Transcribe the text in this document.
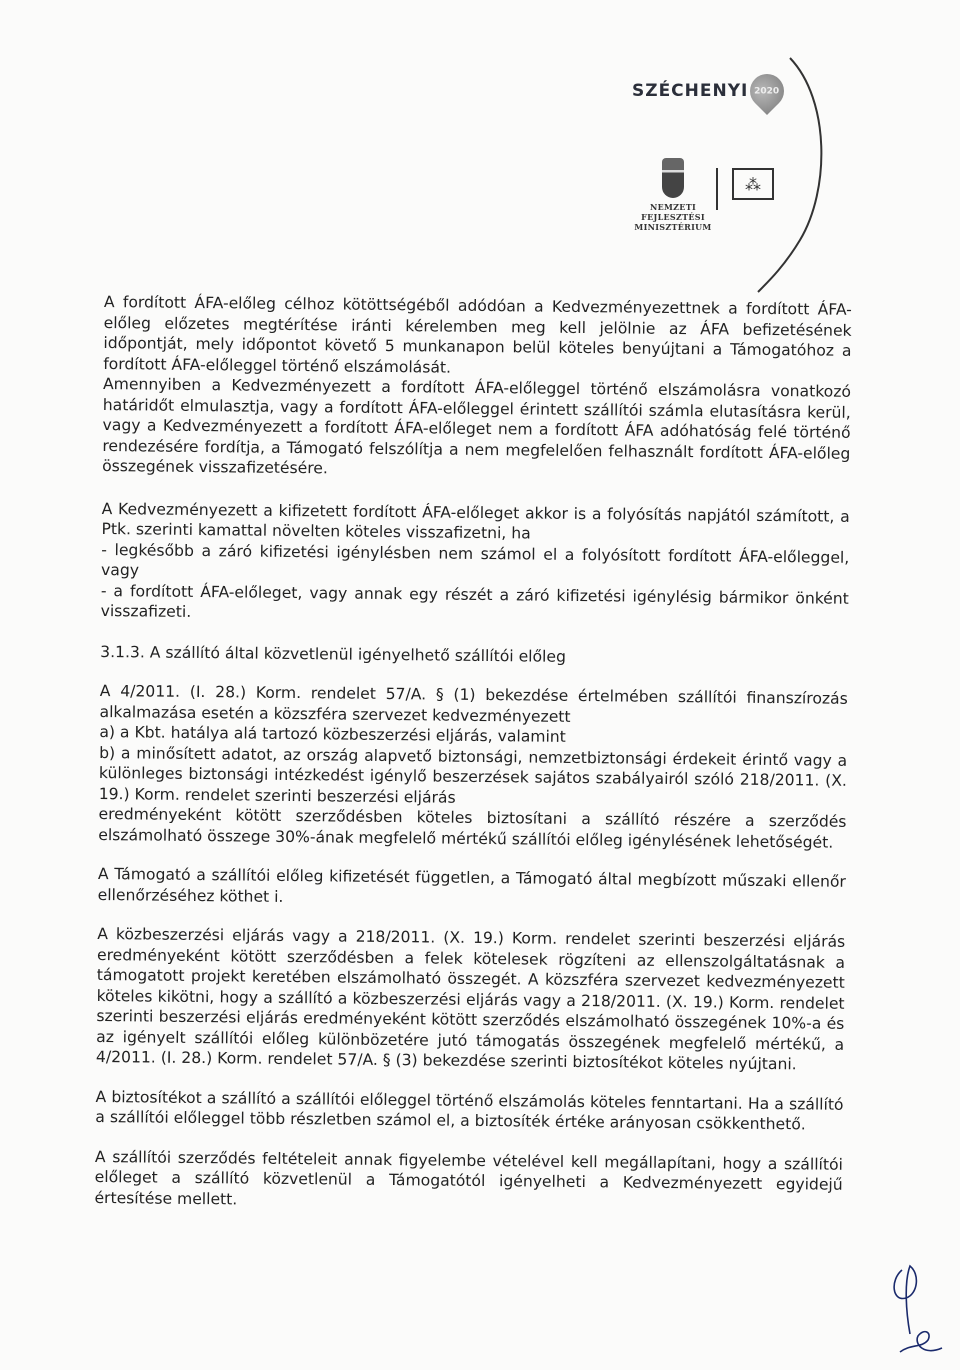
SZÉCHENYI 2020
NEMZETI FEJLESZTÉSI
MINISZTÉRIUM
⁂

A fordított ÁFA-előleg célhoz kötöttségéből adódóan a Kedvezményezettnek a fordított ÁFA-előleg előzetes megtérítése iránti kérelemben meg kell jelölnie az ÁFA befizetésének időpontját, mely időpontot követő 5 munkanapon belül köteles benyújtani a Támogatóhoz a fordított ÁFA-előleggel történő elszámolását.

Amennyiben a Kedvezményezett a fordított ÁFA-előleggel történő elszámolásra vonatkozó határidőt elmulasztja, vagy a fordított ÁFA-előleggel érintett szállítói számla elutasításra kerül, vagy a Kedvezményezett a fordított ÁFA-előleget nem a fordított ÁFA adóhatóság felé történő rendezésére fordítja, a Támogató felszólítja a nem megfelelően felhasznált fordított ÁFA-előleg összegének visszafizetésére.

A Kedvezményezett a kifizetett fordított ÁFA-előleget akkor is a folyósítás napjától számított, a Ptk. szerinti kamattal növelten köteles visszafizetni, ha

- legkésőbb a záró kifizetési igénylésben nem számol el a folyósított fordított ÁFA-előleggel, vagy

- a fordított ÁFA-előleget, vagy annak egy részét a záró kifizetési igénylésig bármikor önként visszafizeti.

3.1.3. A szállító által közvetlenül igényelhető szállítói előleg

A 4/2011. (I. 28.) Korm. rendelet 57/A. § (1) bekezdése értelmében szállítói finanszírozás alkalmazása esetén a közszféra szervezet kedvezményezett

a) a Kbt. hatálya alá tartozó közbeszerzési eljárás, valamint

b) a minősített adatot, az ország alapvető biztonsági, nemzetbiztonsági érdekeit érintő vagy a különleges biztonsági intézkedést igénylő beszerzések sajátos szabályairól szóló 218/2011. (X. 19.) Korm. rendelet szerinti beszerzési eljárás

eredményeként kötött szerződésben köteles biztosítani a szállító részére a szerződés elszámolható összege 30%-ának megfelelő mértékű szállítói előleg igénylésének lehetőségét.

A Támogató a szállítói előleg kifizetését független, a Támogató által megbízott műszaki ellenőr ellenőrzéséhez köthet i.

A közbeszerzési eljárás vagy a 218/2011. (X. 19.) Korm. rendelet szerinti beszerzési eljárás eredményeként kötött szerződésben a felek kötelesek rögzíteni az ellenszolgáltatásnak a támogatott projekt keretében elszámolható összegét. A közszféra szervezet kedvezményezett köteles kikötni, hogy a szállító a közbeszerzési eljárás vagy a 218/2011. (X. 19.) Korm. rendelet szerinti beszerzési eljárás eredményeként kötött szerződés elszámolható összegének 10%-a és az igényelt szállítói előleg különbözetére jutó támogatás összegének megfelelő mértékű, a 4/2011. (I. 28.) Korm. rendelet 57/A. § (3) bekezdése szerinti biztosítékot köteles nyújtani.

A biztosítékot a szállító a szállítói előleggel történő elszámolás köteles fenntartani. Ha a szállító a szállítói előleggel több részletben számol el, a biztosíték értéke arányosan csökkenthető.

A szállítói szerződés feltételeit annak figyelembe vételével kell megállapítani, hogy a szállítói előleget a szállító közvetlenül a Támogatótól igényelheti a Kedvezményezett egyidejű értesítése mellett.
